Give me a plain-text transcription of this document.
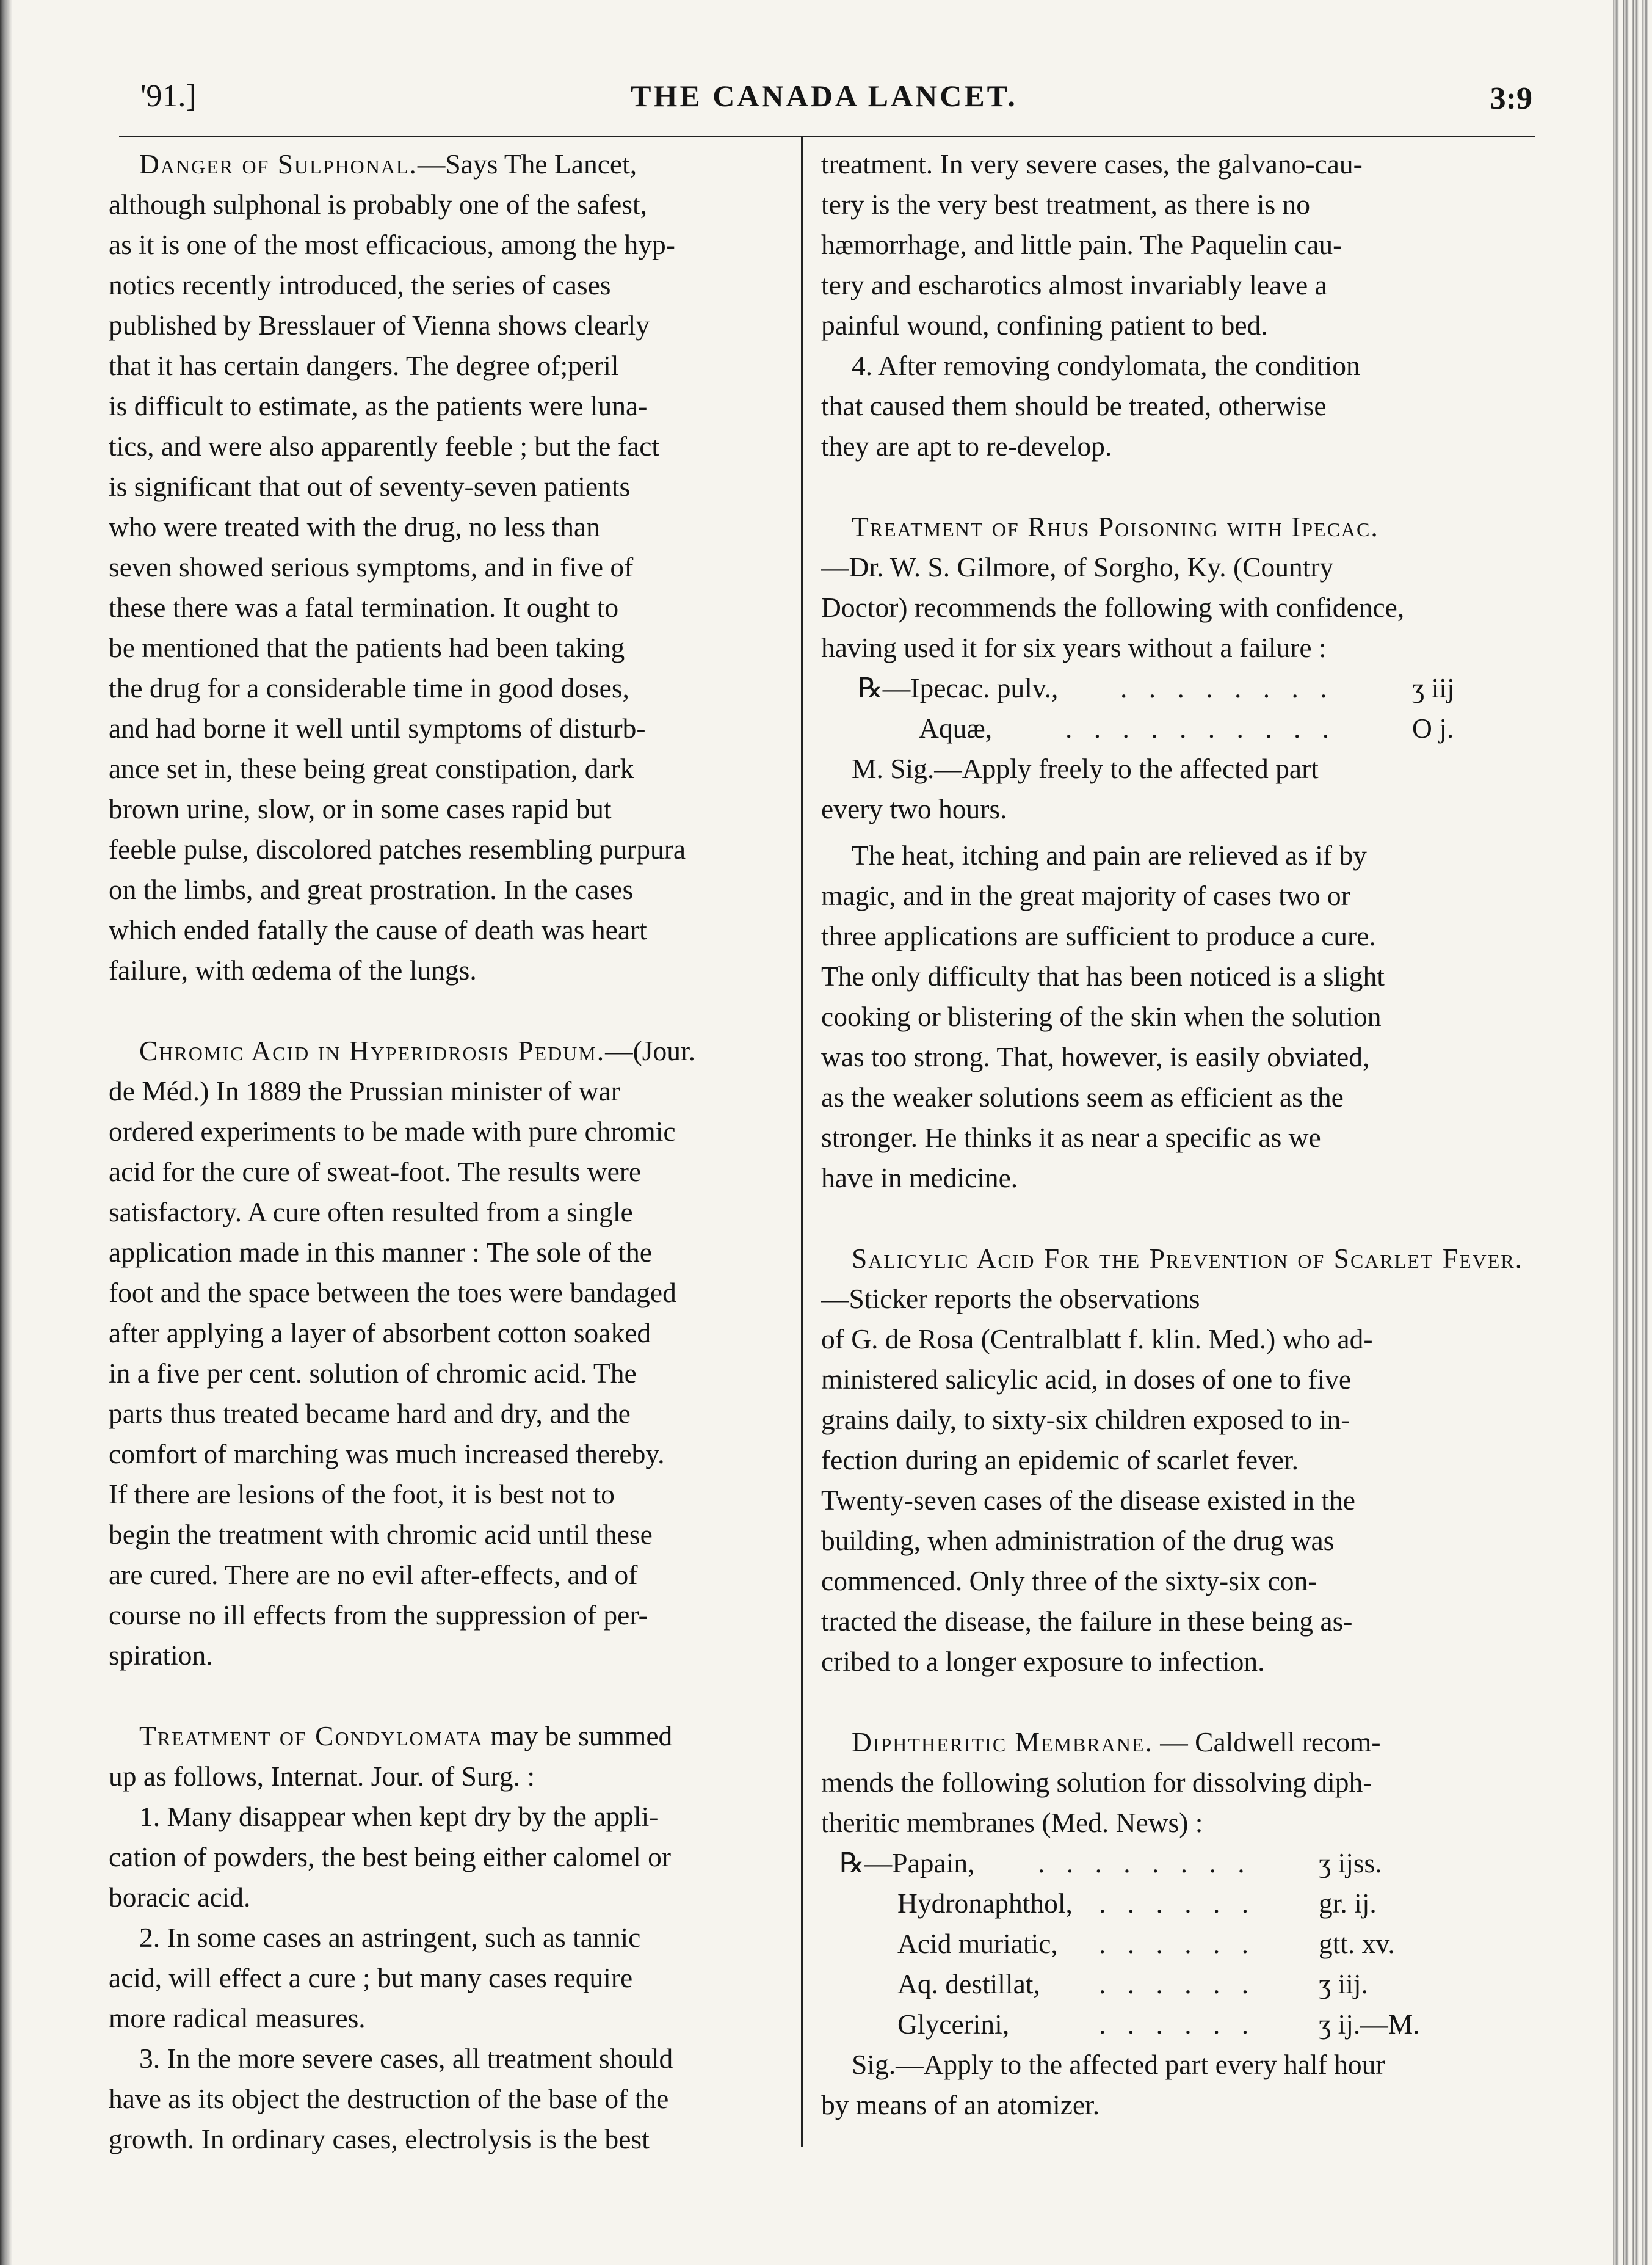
'91.]	THE CANADA LANCET.	3:9

Danger of Sulphonal.—Says The Lancet,

although sulphonal is probably one of the safest,

as it is one of the most efficacious, among the hyp-

notics recently introduced, the series of cases

published by Bresslauer of Vienna shows clearly

that it has certain dangers. The degree of;peril

is difficult to estimate, as the patients were luna-

tics, and were also apparently feeble ; but the fact

is significant that out of seventy-seven patients

who were treated with the drug, no less than

seven showed serious symptoms, and in five of

these there was a fatal termination. It ought to

be mentioned that the patients had been taking

the drug for a considerable time in good doses,

and had borne it well until symptoms of disturb-

ance set in, these being great constipation, dark

brown urine, slow, or in some cases rapid but

feeble pulse, discolored patches resembling purpura

on the limbs, and great prostration. In the cases

which ended fatally the cause of death was heart

failure, with œdema of the lungs.

Chromic Acid in Hyperidrosis Pedum.—(Jour.

de Méd.) In 1889 the Prussian minister of war

ordered experiments to be made with pure chromic

acid for the cure of sweat-foot. The results were

satisfactory. A cure often resulted from a single

application made in this manner : The sole of the

foot and the space between the toes were bandaged

after applying a layer of absorbent cotton soaked

in a five per cent. solution of chromic acid. The

parts thus treated became hard and dry, and the

comfort of marching was much increased thereby.

If there are lesions of the foot, it is best not to

begin the treatment with chromic acid until these

are cured. There are no evil after-effects, and of

course no ill effects from the suppression of per-

spiration.

Treatment of Condylomata may be summed

up as follows, Internat. Jour. of Surg. :

1. Many disappear when kept dry by the appli-

cation of powders, the best being either calomel or

boracic acid.

2. In some cases an astringent, such as tannic

acid, will effect a cure ; but many cases require

more radical measures.

3. In the more severe cases, all treatment should

have as its object the destruction of the base of the

growth. In ordinary cases, electrolysis is the best

treatment. In very severe cases, the galvano-cau-

tery is the very best treatment, as there is no

hæmorrhage, and little pain. The Paquelin cau-

tery and escharotics almost invariably leave a

painful wound, confining patient to bed.

4. After removing condylomata, the condition

that caused them should be treated, otherwise

they are apt to re-develop.

Treatment of Rhus Poisoning with Ipecac.

—Dr. W. S. Gilmore, of Sorgho, Ky. (Country

Doctor) recommends the following with confidence,

having used it for six years without a failure :

℞—Ipecac. pulv., . . . . . . . .	ʒ iij
Aquæ,	. . . . . . . . . .	O j.

M. Sig.—Apply freely to the affected part

every two hours.

The heat, itching and pain are relieved as if by

magic, and in the great majority of cases two or

three applications are sufficient to produce a cure.

The only difficulty that has been noticed is a slight

cooking or blistering of the skin when the solution

was too strong. That, however, is easily obviated,

as the weaker solutions seem as efficient as the

stronger. He thinks it as near a specific as we

have in medicine.

Salicylic Acid For the Prevention of Scarlet Fever.—Sticker reports the observations

of G. de Rosa (Centralblatt f. klin. Med.) who ad-

ministered salicylic acid, in doses of one to five

grains daily, to sixty-six children exposed to in-

fection during an epidemic of scarlet fever.

Twenty-seven cases of the disease existed in the

building, when administration of the drug was

commenced. Only three of the sixty-six con-

tracted the disease, the failure in these being as-

cribed to a longer exposure to infection.

Diphtheritic Membrane. — Caldwell recom-

mends the following solution for dissolving diph-

theritic membranes (Med. News) :

℞—Papain, . . . . . . . . ʒ ijss.
Hydronaphthol, . . . . . . gr. ij.
Acid muriatic, . . . . . . gtt. xv.
Aq. destillat, . . . . . . ʒ iij.
Glycerini,	. . . . . . ʒ ij.—M.

Sig.—Apply to the affected part every half hour

by means of an atomizer.
